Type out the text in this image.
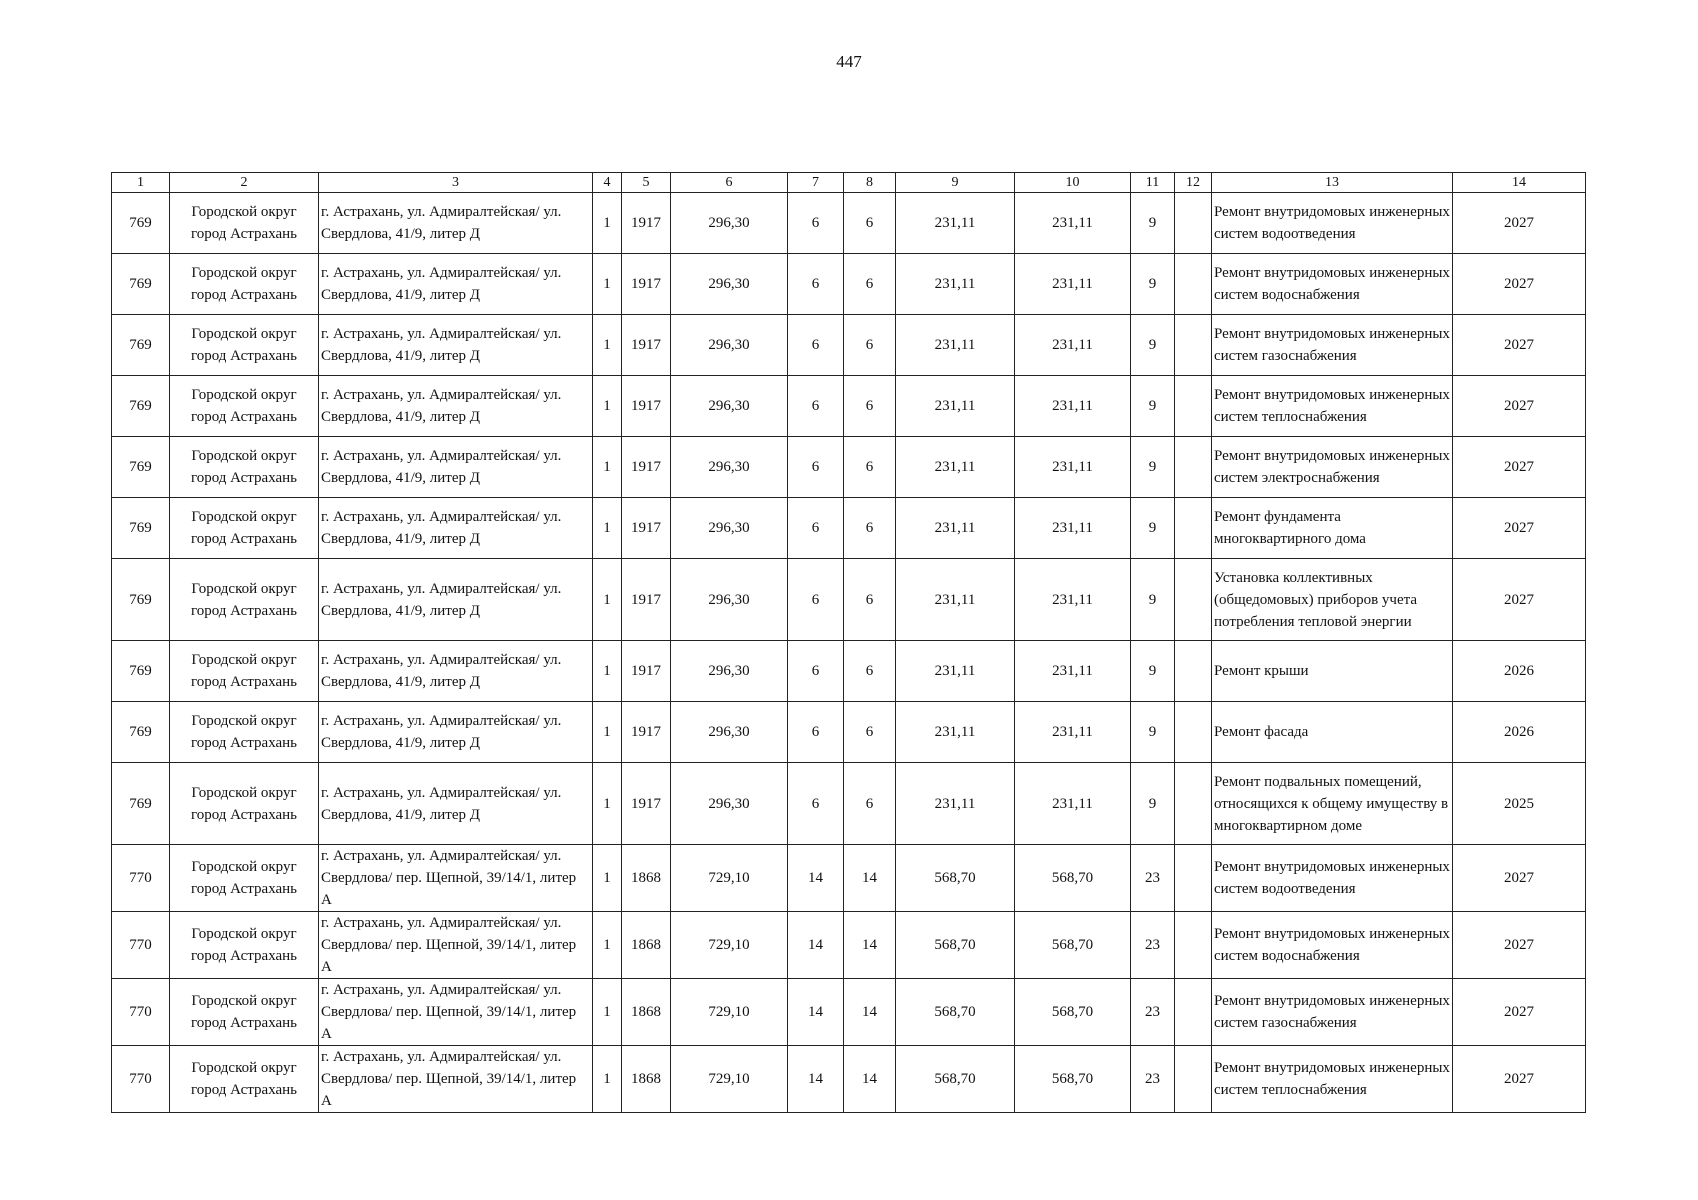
447
1	2	3	4	5	6	7	8	9	10	11	12	13	14
769	Городской округ город Астрахань	г. Астрахань, ул. Адмиралтейская/ ул. Свердлова, 41/9, литер Д	1	1917	296,30	6	6	231,11	231,11	9		Ремонт внутридомовых инженерных систем водоотведения	2027
769	Городской округ город Астрахань	г. Астрахань, ул. Адмиралтейская/ ул. Свердлова, 41/9, литер Д	1	1917	296,30	6	6	231,11	231,11	9		Ремонт внутридомовых инженерных систем водоснабжения	2027
769	Городской округ город Астрахань	г. Астрахань, ул. Адмиралтейская/ ул. Свердлова, 41/9, литер Д	1	1917	296,30	6	6	231,11	231,11	9		Ремонт внутридомовых инженерных систем газоснабжения	2027
769	Городской округ город Астрахань	г. Астрахань, ул. Адмиралтейская/ ул. Свердлова, 41/9, литер Д	1	1917	296,30	6	6	231,11	231,11	9		Ремонт внутридомовых инженерных систем теплоснабжения	2027
769	Городской округ город Астрахань	г. Астрахань, ул. Адмиралтейская/ ул. Свердлова, 41/9, литер Д	1	1917	296,30	6	6	231,11	231,11	9		Ремонт внутридомовых инженерных систем электроснабжения	2027
769	Городской округ город Астрахань	г. Астрахань, ул. Адмиралтейская/ ул. Свердлова, 41/9, литер Д	1	1917	296,30	6	6	231,11	231,11	9		Ремонт фундамента многоквартирного дома	2027
769	Городской округ город Астрахань	г. Астрахань, ул. Адмиралтейская/ ул. Свердлова, 41/9, литер Д	1	1917	296,30	6	6	231,11	231,11	9		Установка коллективных (общедомовых) приборов учета потребления тепловой энергии	2027
769	Городской округ город Астрахань	г. Астрахань, ул. Адмиралтейская/ ул. Свердлова, 41/9, литер Д	1	1917	296,30	6	6	231,11	231,11	9		Ремонт крыши	2026
769	Городской округ город Астрахань	г. Астрахань, ул. Адмиралтейская/ ул. Свердлова, 41/9, литер Д	1	1917	296,30	6	6	231,11	231,11	9		Ремонт фасада	2026
769	Городской округ город Астрахань	г. Астрахань, ул. Адмиралтейская/ ул. Свердлова, 41/9, литер Д	1	1917	296,30	6	6	231,11	231,11	9		Ремонт подвальных помещений, относящихся к общему имуществу в многоквартирном доме	2025
770	Городской округ город Астрахань	г. Астрахань, ул. Адмиралтейская/ ул. Свердлова/ пер. Щепной, 39/14/1, литер А	1	1868	729,10	14	14	568,70	568,70	23		Ремонт внутридомовых инженерных систем водоотведения	2027
770	Городской округ город Астрахань	г. Астрахань, ул. Адмиралтейская/ ул. Свердлова/ пер. Щепной, 39/14/1, литер А	1	1868	729,10	14	14	568,70	568,70	23		Ремонт внутридомовых инженерных систем водоснабжения	2027
770	Городской округ город Астрахань	г. Астрахань, ул. Адмиралтейская/ ул. Свердлова/ пер. Щепной, 39/14/1, литер А	1	1868	729,10	14	14	568,70	568,70	23		Ремонт внутридомовых инженерных систем газоснабжения	2027
770	Городской округ город Астрахань	г. Астрахань, ул. Адмиралтейская/ ул. Свердлова/ пер. Щепной, 39/14/1, литер А	1	1868	729,10	14	14	568,70	568,70	23		Ремонт внутридомовых инженерных систем теплоснабжения	2027
